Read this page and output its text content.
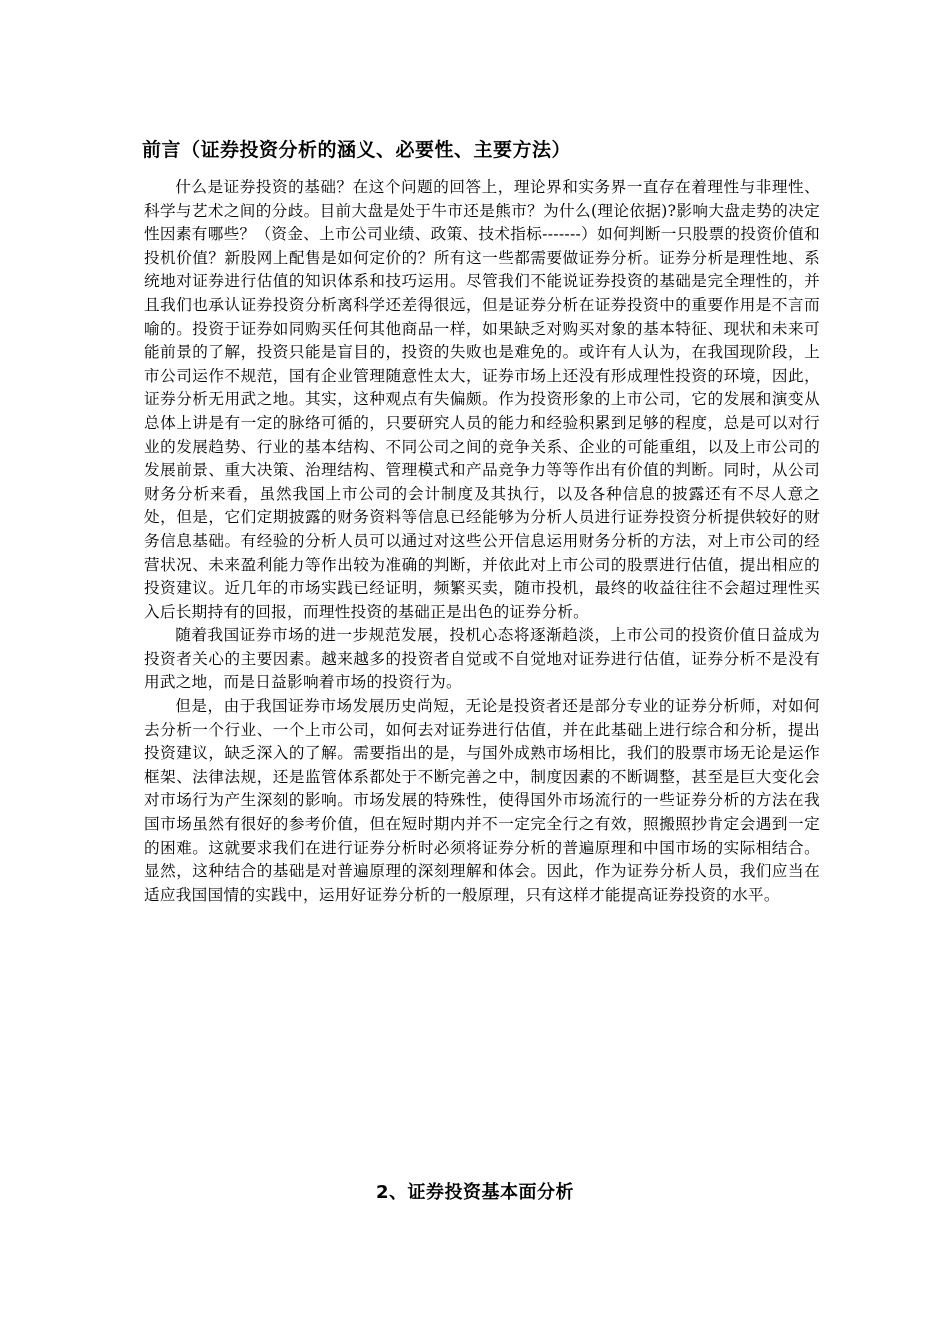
前言（证券投资分析的涵义、必要性、主要方法）

什么是证券投资的基础？在这个问题的回答上，理论界和实务界一直存在着理性与非理性、科学与艺术之间的分歧。目前大盘是处于牛市还是熊市？为什么(理论依据)?影响大盘走势的决定性因素有哪些？（资金、上市公司业绩、政策、技术指标-------）如何判断一只股票的投资价值和投机价值？新股网上配售是如何定价的？所有这一些都需要做证券分析。证券分析是理性地、系统地对证券进行估值的知识体系和技巧运用。尽管我们不能说证券投资的基础是完全理性的，并且我们也承认证券投资分析离科学还差得很远，但是证券分析在证券投资中的重要作用是不言而喻的。投资于证券如同购买任何其他商品一样，如果缺乏对购买对象的基本特征、现状和未来可能前景的了解，投资只能是盲目的，投资的失败也是难免的。或许有人认为，在我国现阶段，上市公司运作不规范，国有企业管理随意性太大，证券市场上还没有形成理性投资的环境，因此，证券分析无用武之地。其实，这种观点有失偏颇。作为投资形象的上市公司，它的发展和演变从总体上讲是有一定的脉络可循的，只要研究人员的能力和经验积累到足够的程度，总是可以对行业的发展趋势、行业的基本结构、不同公司之间的竞争关系、企业的可能重组，以及上市公司的发展前景、重大决策、治理结构、管理模式和产品竞争力等等作出有价值的判断。同时，从公司财务分析来看，虽然我国上市公司的会计制度及其执行，以及各种信息的披露还有不尽人意之处，但是，它们定期披露的财务资料等信息已经能够为分析人员进行证券投资分析提供较好的财务信息基础。有经验的分析人员可以通过对这些公开信息运用财务分析的方法，对上市公司的经营状况、未来盈利能力等作出较为准确的判断，并依此对上市公司的股票进行估值，提出相应的投资建议。近几年的市场实践已经证明，频繁买卖，随市投机，最终的收益往往不会超过理性买入后长期持有的回报，而理性投资的基础正是出色的证券分析。

随着我国证券市场的进一步规范发展，投机心态将逐渐趋淡，上市公司的投资价值日益成为投资者关心的主要因素。越来越多的投资者自觉或不自觉地对证券进行估值，证券分析不是没有用武之地，而是日益影响着市场的投资行为。

但是，由于我国证券市场发展历史尚短，无论是投资者还是部分专业的证券分析师，对如何去分析一个行业、一个上市公司，如何去对证券进行估值，并在此基础上进行综合和分析，提出投资建议，缺乏深入的了解。需要指出的是，与国外成熟市场相比，我们的股票市场无论是运作框架、法律法规，还是监管体系都处于不断完善之中，制度因素的不断调整，甚至是巨大变化会对市场行为产生深刻的影响。市场发展的特殊性，使得国外市场流行的一些证券分析的方法在我国市场虽然有很好的参考价值，但在短时期内并不一定完全行之有效，照搬照抄肯定会遇到一定的困难。这就要求我们在进行证券分析时必须将证券分析的普遍原理和中国市场的实际相结合。显然，这种结合的基础是对普遍原理的深刻理解和体会。因此，作为证券分析人员，我们应当在适应我国国情的实践中，运用好证券分析的一般原理，只有这样才能提高证券投资的水平。

2、证券投资基本面分析
